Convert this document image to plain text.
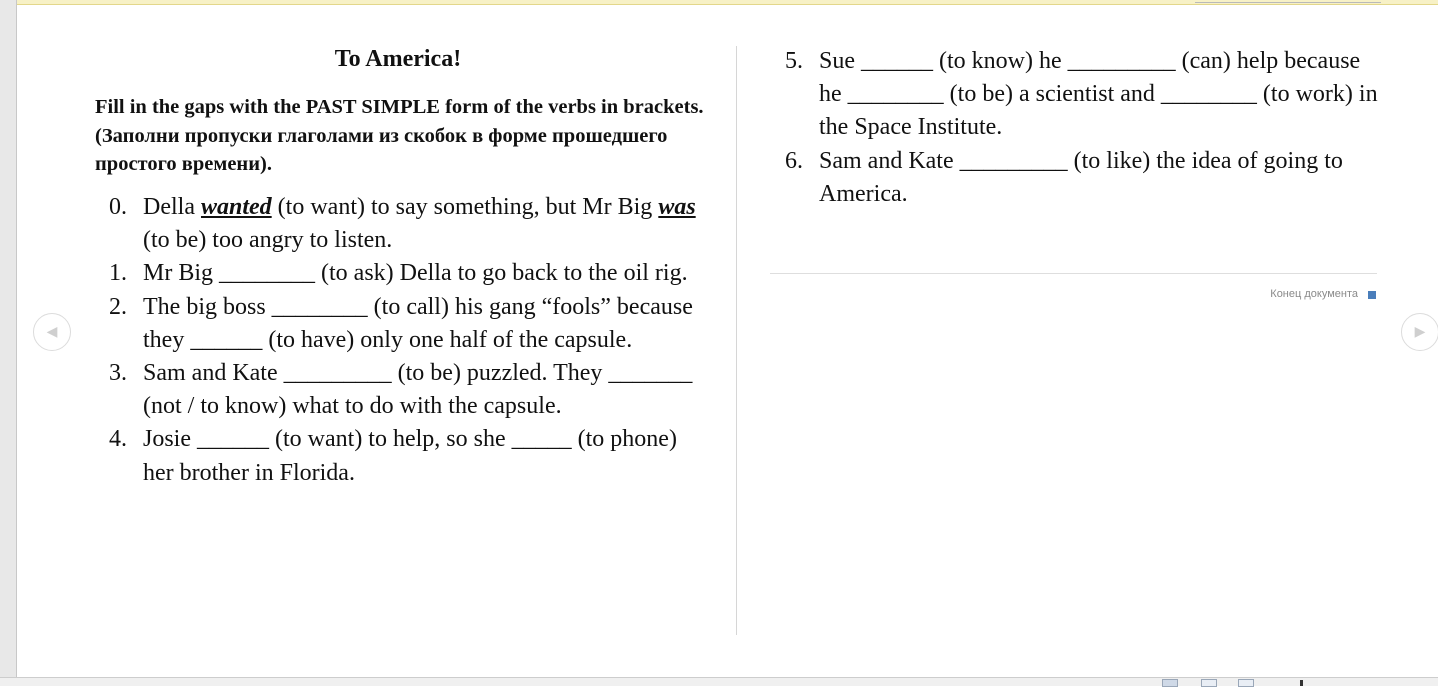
To America!
Fill in the gaps with the PAST SIMPLE form of the verbs in brackets. (Заполни пропуски глаголами из скобок в форме прошедшего простого времени).
0. Della wanted (to want) to say something, but Mr Big was (to be) too angry to listen.
1. Mr Big ________ (to ask) Della to go back to the oil rig.
2. The big boss ________ (to call) his gang “fools” because they ______ (to have) only one half of the capsule.
3. Sam and Kate _________ (to be) puzzled. They _______ (not / to know) what to do with the capsule.
4. Josie ______ (to want) to help, so she _____ (to phone) her brother in Florida.
5. Sue ______ (to know) he _________ (can) help because he ________ (to be) a scientist and ________ (to work) in the Space Institute.
6. Sam and Kate _________ (to like) the idea of going to America.
Конец документа
◀	▶
